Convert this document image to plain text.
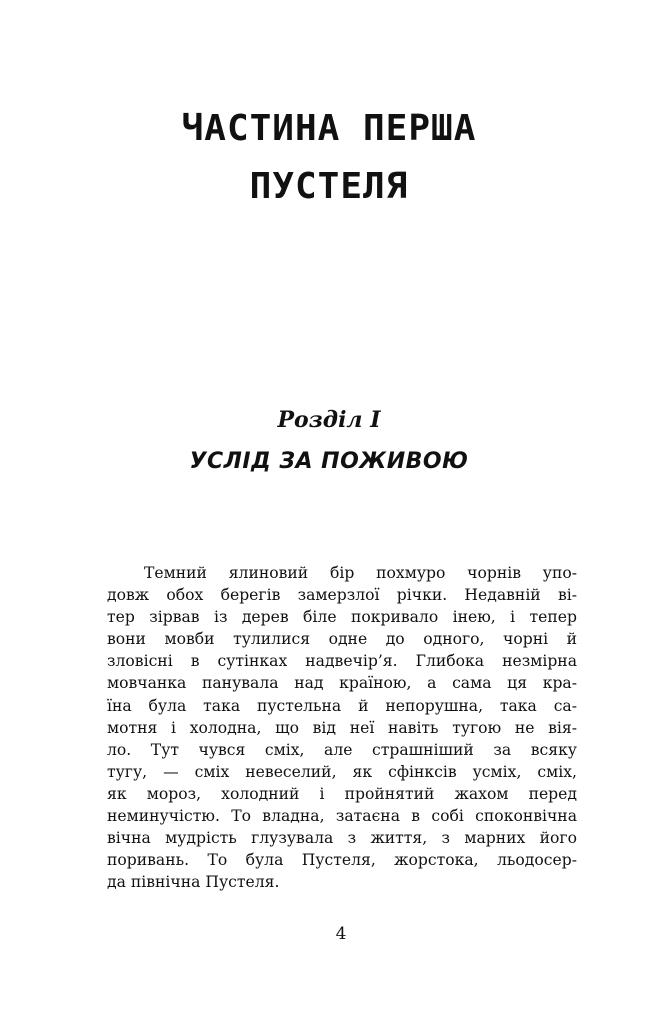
ЧАСТИНА ПЕРША
ПУСТЕЛЯ
Розділ I
УСЛІД ЗА ПОЖИВОЮ
Темний ялиновий бір похмуро чорнів упо-
довж обох берегів замерзлої річки. Недавній ві-
тер зірвав із дерев біле покривало інею, і тепер
вони мовби тулилися одне до одного, чорні й
зловісні в сутінках надвечір’я. Глибока незмірна
мовчанка панувала над країною, а сама ця кра-
їна була така пустельна й непорушна, така са-
мотня і холодна, що від неї навіть тугою не вія-
ло. Тут чувся сміх, але страшніший за всяку
тугу, — сміх невеселий, як сфінксів усміх, сміх,
як мороз, холодний і пройнятий жахом перед
неминучістю. То владна, затаєна в собі споконвічна
вічна мудрість глузувала з життя, з марних його
поривань. То була Пустеля, жорстока, льодосер-
да північна Пустеля.
4
